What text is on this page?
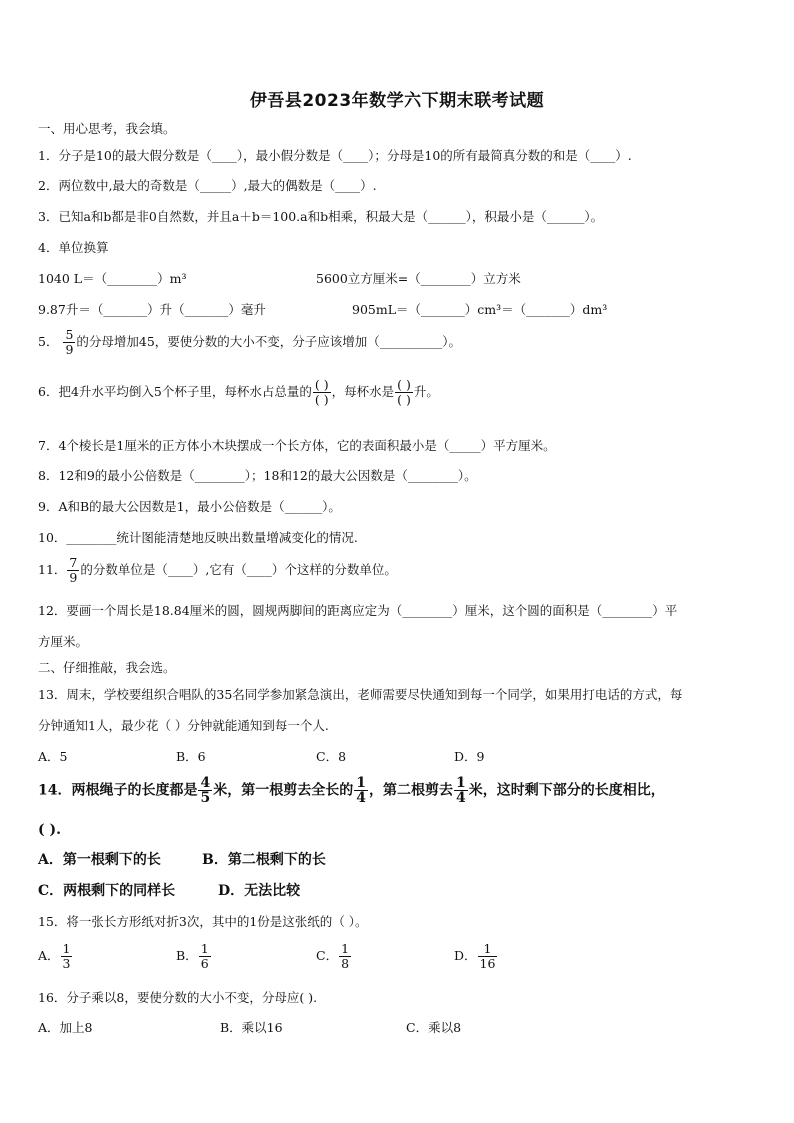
伊吾县2023年数学六下期末联考试题
一、用心思考，我会填。
1．分子是10的最大假分数是（____），最小假分数是（____）；分母是10的所有最简真分数的和是（____）.
2．两位数中,最大的奇数是（_____）,最大的偶数是（____）.
3．已知a和b都是非0自然数，并且a＋b＝100.a和b相乘，积最大是（______），积最小是（______）。
4．单位换算
1040 L＝（________）m³	5600立方厘米=（________）立方米
9.87升＝（_______）升（_______）毫升	905mL＝（_______）cm³＝（_______）dm³
5． $\frac{5}{9}$ 的分母增加45，要使分数的大小不变，分子应该增加（__________）。
6．把4升水平均倒入5个杯子里，每杯水占总量的 $\frac{( )}{( )}$ ，每杯水是 $\frac{( )}{( )}$ 升。
7．4个棱长是1厘米的正方体小木块摆成一个长方体，它的表面积最小是（_____）平方厘米。
8．12和9的最小公倍数是（________）；18和12的最大公因数是（________）。
9．A和B的最大公因数是1，最小公倍数是（______）。
10．________统计图能清楚地反映出数量增减变化的情况.
11． $\frac{7}{9}$ 的分数单位是（____）,它有（____）个这样的分数单位。
12．要画一个周长是18.84厘米的圆，圆规两脚间的距离应定为（________）厘米，这个圆的面积是（________）平
方厘米。
二、仔细推敲，我会选。
13．周末，学校要组织合唱队的35名同学参加紧急演出，老师需要尽快通知到每一个同学，如果用打电话的方式，每
分钟通知1人，最少花（ ）分钟就能通知到每一个人.
A．5	B．6	C．8	D．9
14．两根绳子的长度都是 $\frac{4}{5}$ 米，第一根剪去全长的 $\frac{1}{4}$ ，第二根剪去 $\frac{1}{4}$ 米，这时剩下部分的长度相比，
( ).
A．第一根剩下的长	B．第二根剩下的长
C．两根剩下的同样长	D．无法比较
15．将一张长方形纸对折3次，其中的1份是这张纸的（ ）。
A． $\frac{1}{3}$	B． $\frac{1}{6}$	C． $\frac{1}{8}$	D． $\frac{1}{16}$
16．分子乘以8，要使分数的大小不变，分母应( ).
A．加上8	B．乘以16	C．乘以8
